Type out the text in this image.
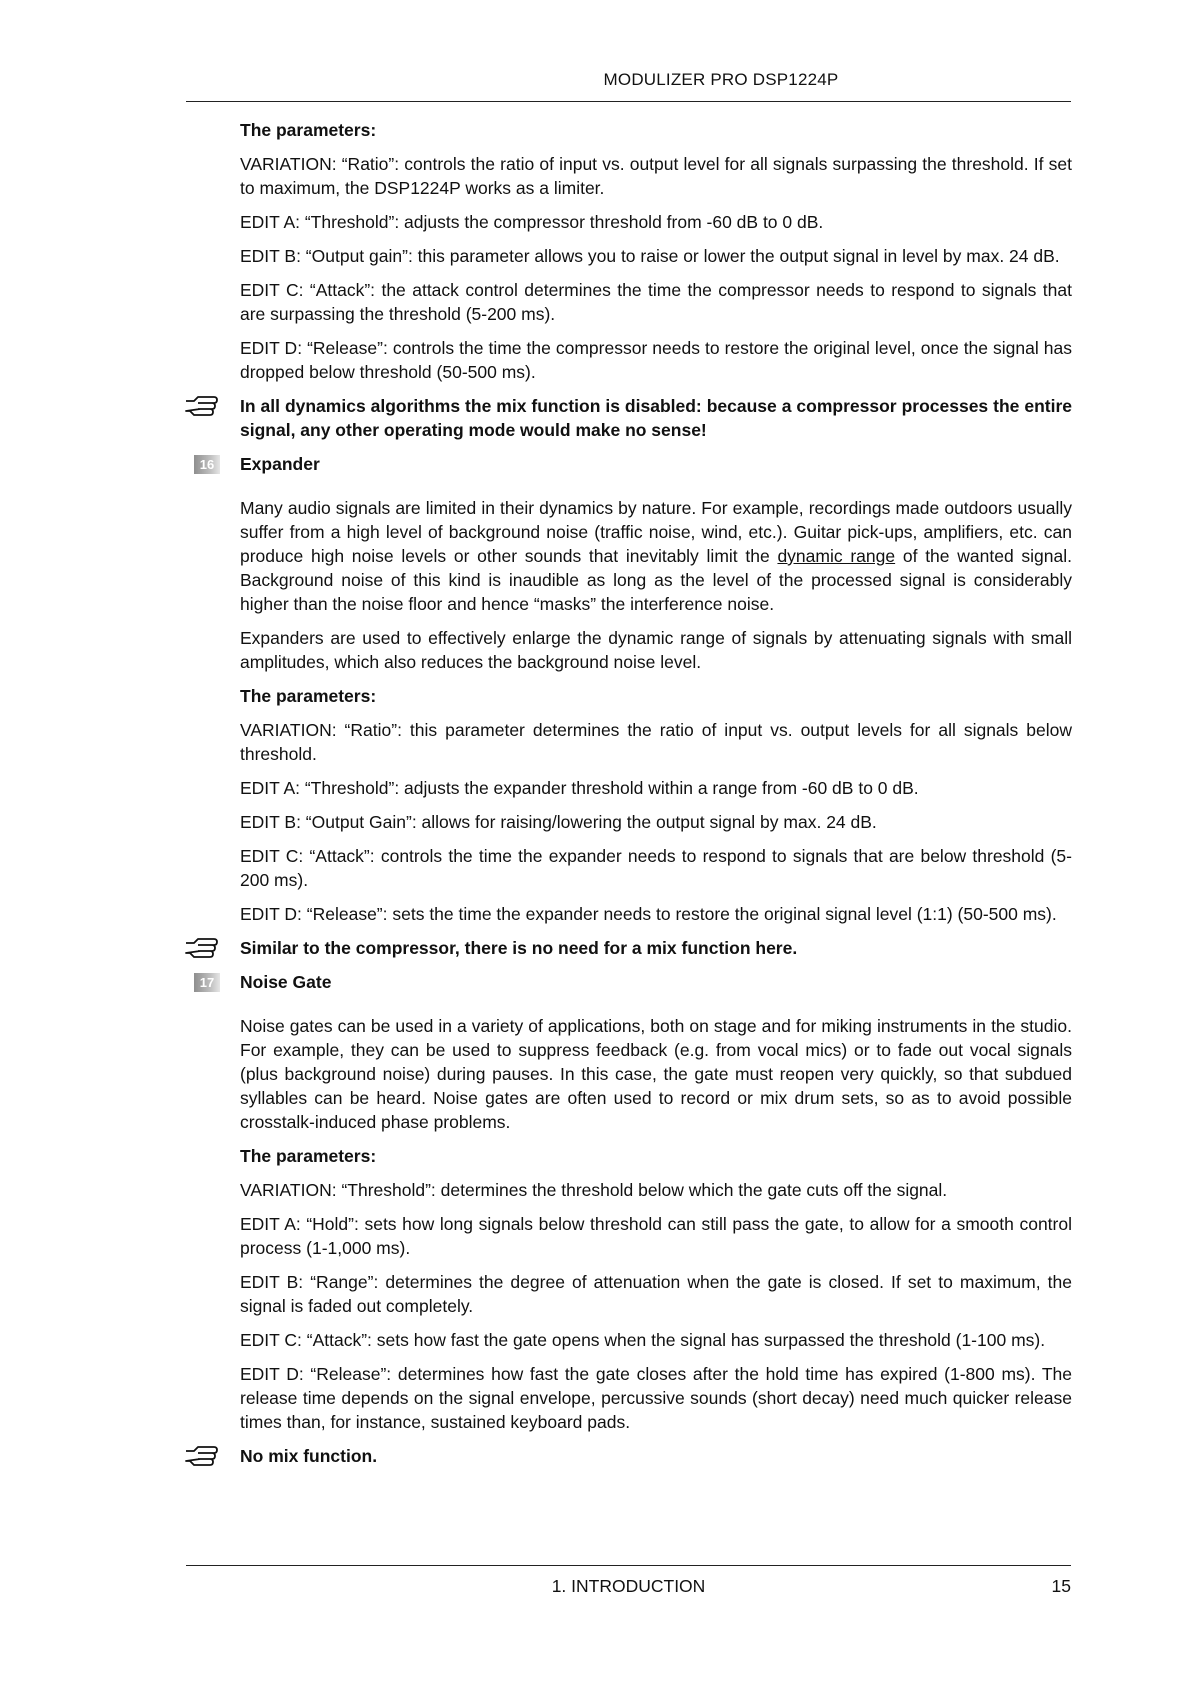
MODULIZER PRO DSP1224P

The parameters:

VARIATION: “Ratio”: controls the ratio of input vs. output level for all signals surpassing the threshold. If set to maximum, the DSP1224P works as a limiter.

EDIT A: “Threshold”: adjusts the compressor threshold from -60 dB to 0 dB.

EDIT B: “Output gain”: this parameter allows you to raise or lower the output signal in level by max. 24 dB.

EDIT C: “Attack”: the attack control determines the time the compressor needs to respond to signals that are surpassing the threshold (5-200 ms).

EDIT D: “Release”: controls the time the compressor needs to restore the original level, once the signal has dropped below threshold (50-500 ms).

In all dynamics algorithms the mix function is disabled: because a compressor processes the entire signal, any other operating mode would make no sense!

16	Expander

Many audio signals are limited in their dynamics by nature. For example, recordings made outdoors usually suffer from a high level of background noise (traffic noise, wind, etc.). Guitar pick-ups, amplifiers, etc. can produce high noise levels or other sounds that inevitably limit the dynamic range of the wanted signal. Background noise of this kind is inaudible as long as the level of the processed signal is considerably higher than the noise floor and hence “masks” the interference noise.

Expanders are used to effectively enlarge the dynamic range of signals by attenuating signals with small amplitudes, which also reduces the background noise level.

The parameters:

VARIATION: “Ratio”: this parameter determines the ratio of input vs. output levels for all signals below threshold.

EDIT A: “Threshold”: adjusts the expander threshold within a range from -60 dB to 0 dB.

EDIT B: “Output Gain”: allows for raising/lowering the output signal by max. 24 dB.

EDIT C: “Attack”: controls the time the expander needs to respond to signals that are below threshold (5-200 ms).

EDIT D: “Release”: sets the time the expander needs to restore the original signal level (1:1) (50-500 ms).

Similar to the compressor, there is no need for a mix function here.

17	Noise Gate

Noise gates can be used in a variety of applications, both on stage and for miking instruments in the studio. For example, they can be used to suppress feedback (e.g. from vocal mics) or to fade out vocal signals (plus background noise) during pauses. In this case, the gate must reopen very quickly, so that subdued syllables can be heard. Noise gates are often used to record or mix drum sets, so as to avoid possible crosstalk-induced phase problems.

The parameters:

VARIATION: “Threshold”: determines the threshold below which the gate cuts off the signal.

EDIT A: “Hold”: sets how long signals below threshold can still pass the gate, to allow for a smooth control process (1-1,000 ms).

EDIT B: “Range”: determines the degree of attenuation when the gate is closed. If set to maximum, the signal is faded out completely.

EDIT C: “Attack”: sets how fast the gate opens when the signal has surpassed the threshold (1-100 ms).

EDIT D: “Release”: determines how fast the gate closes after the hold time has expired (1-800 ms). The release time depends on the signal envelope, percussive sounds (short decay) need much quicker release times than, for instance, sustained keyboard pads.

No mix function.

1. INTRODUCTION	15
